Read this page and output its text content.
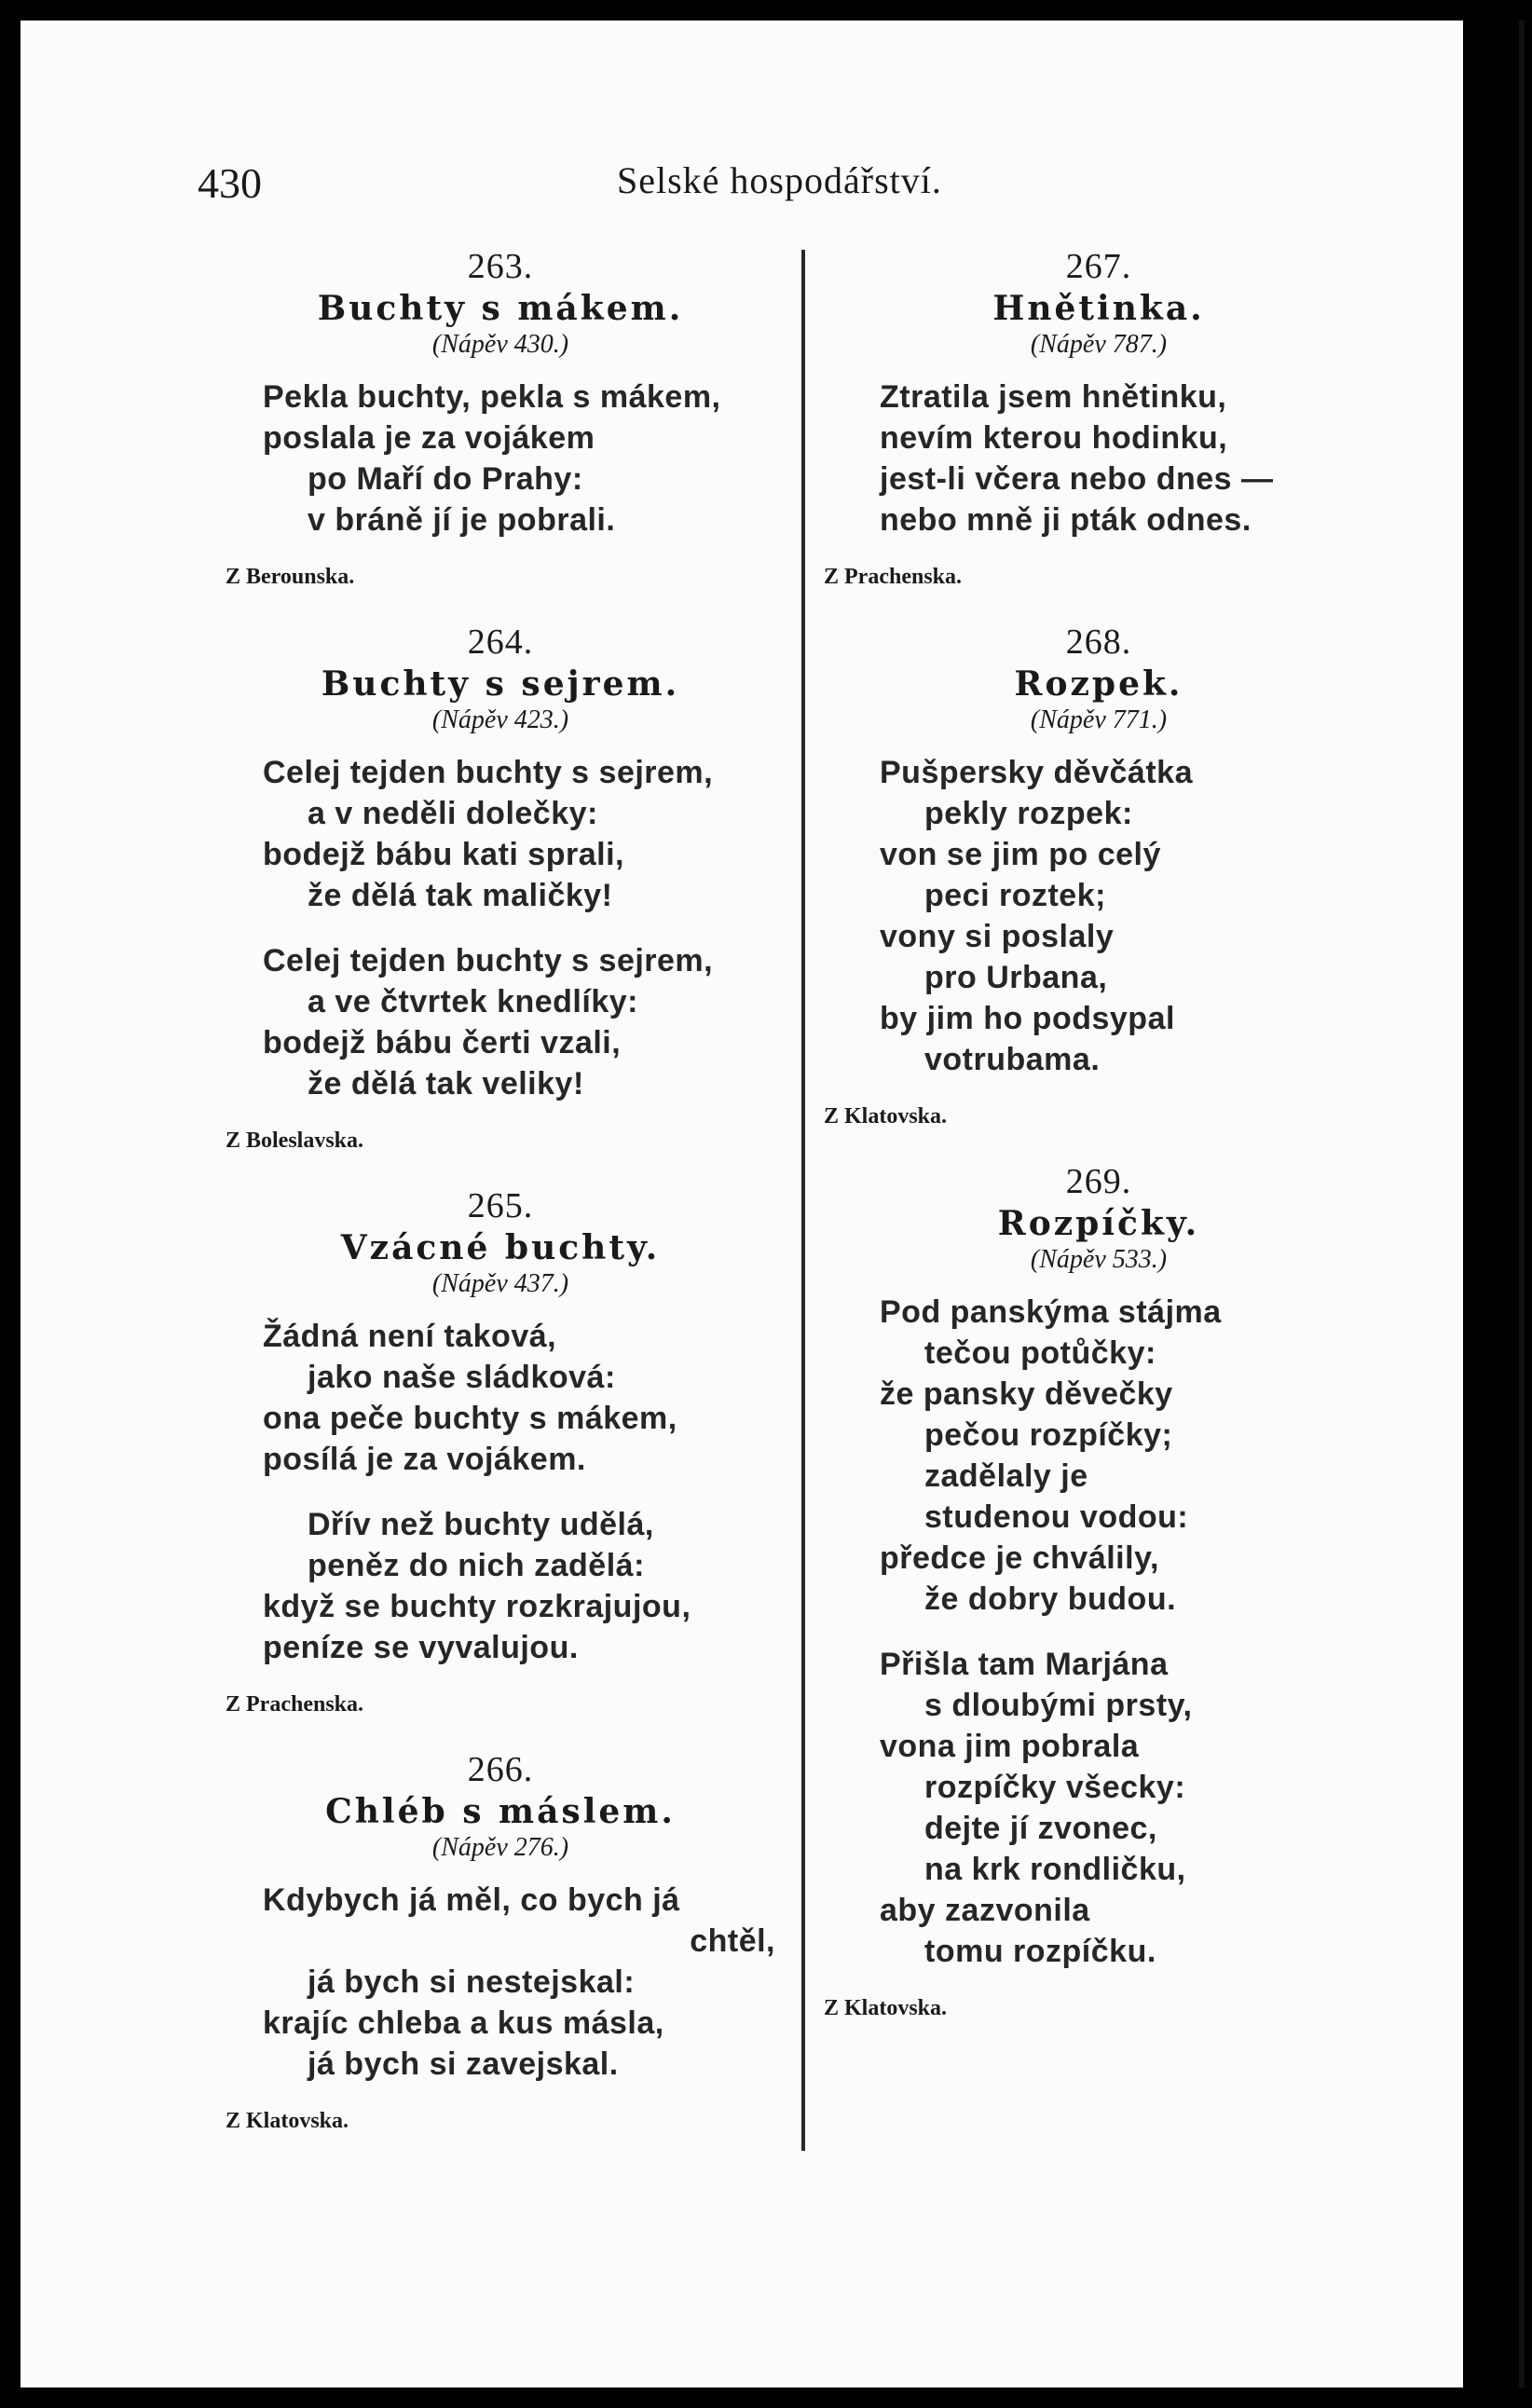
430	Selské hospodářství.
263.
Buchty s mákem.
(Nápěv 430.)
Pekla buchty, pekla s mákem,
poslala je za vojákem
po Maří do Prahy:
v bráně jí je pobrali.
Z Berounska.
264.
Buchty s sejrem.
(Nápěv 423.)
Celej tejden buchty s sejrem,
a v neděli dolečky:
bodejž bábu kati sprali,
že dělá tak maličky!
Celej tejden buchty s sejrem,
a ve čtvrtek knedlíky:
bodejž bábu čerti vzali,
že dělá tak veliky!
Z Boleslavska.
265.
Vzácné buchty.
(Nápěv 437.)
Žádná není taková,
jako naše sládková:
ona peče buchty s mákem,
posílá je za vojákem.
Dřív než buchty udělá,
peněz do nich zadělá:
když se buchty rozkrajujou,
peníze se vyvalujou.
Z Prachenska.
266.
Chléb s máslem.
(Nápěv 276.)
Kdybych já měl, co bych já
chtěl,
já bych si nestejskal:
krajíc chleba a kus másla,
já bych si zavejskal.
Z Klatovska.
267.
Hnětinka.
(Nápěv 787.)
Ztratila jsem hnětinku,
nevím kterou hodinku,
jest-li včera nebo dnes —
nebo mně ji pták odnes.
Z Prachenska.
268.
Rozpek.
(Nápěv 771.)
Pušpersky děvčátka
pekly rozpek:
von se jim po celý
peci roztek;
vony si poslaly
pro Urbana,
by jim ho podsypal
votrubama.
Z Klatovska.
269.
Rozpíčky.
(Nápěv 533.)
Pod panskýma stájma
tečou potůčky:
že pansky děvečky
pečou rozpíčky;
zadělaly je
studenou vodou:
předce je chválily,
že dobry budou.
Přišla tam Marjána
s dloubými prsty,
vona jim pobrala
rozpíčky všecky:
dejte jí zvonec,
na krk rondličku,
aby zazvonila
tomu rozpíčku.
Z Klatovska.
